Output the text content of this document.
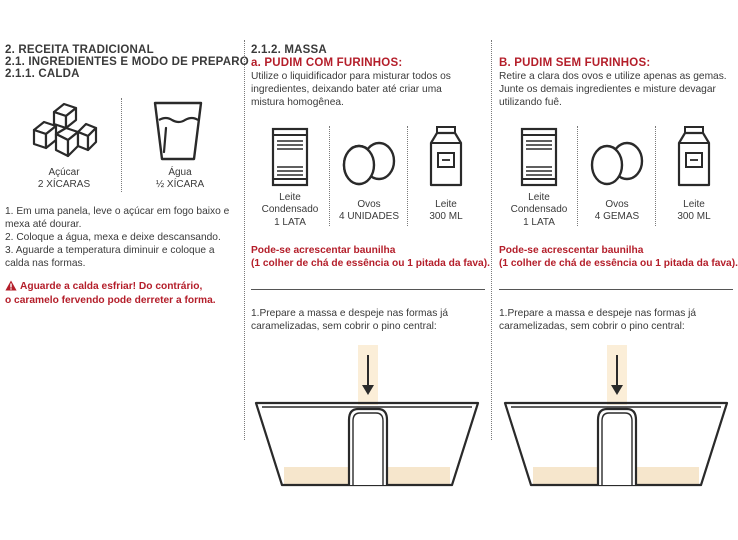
2. RECEITA TRADICIONAL
2.1. INGREDIENTES E MODO DE PREPARO
2.1.1. CALDA
Açúcar
2 XÍCARAS
Água
½ XÍCARA
1. Em uma panela, leve o açúcar em fogo baixo e mexa até dourar.
2. Coloque a água, mexa e deixe descansando.
3. Aguarde a temperatura diminuir e coloque a calda nas formas.
Aguarde a calda esfriar! Do contrário,
o caramelo fervendo pode derreter a forma.
2.1.2. MASSA
a. PUDIM COM FURINHOS:
Utilize o liquidificador para misturar todos os ingredientes, deixando bater até criar uma mistura homogênea.
Leite Condensado
1 LATA
Ovos
4 UNIDADES
Leite
300 ML
Pode-se acrescentar baunilha
(1 colher de chá de essência ou 1 pitada da fava).
1.Prepare a massa e despeje nas formas já caramelizadas, sem cobrir o pino central:
B. PUDIM SEM FURINHOS:
Retire a clara dos ovos e utilize apenas as gemas. Junte os demais ingredientes e misture devagar utilizando fuê.
Leite Condensado
1 LATA
Ovos
4 GEMAS
Leite
300 ML
Pode-se acrescentar baunilha
(1 colher de chá de essência ou 1 pitada da fava).
1.Prepare a massa e despeje nas formas já caramelizadas, sem cobrir o pino central:
